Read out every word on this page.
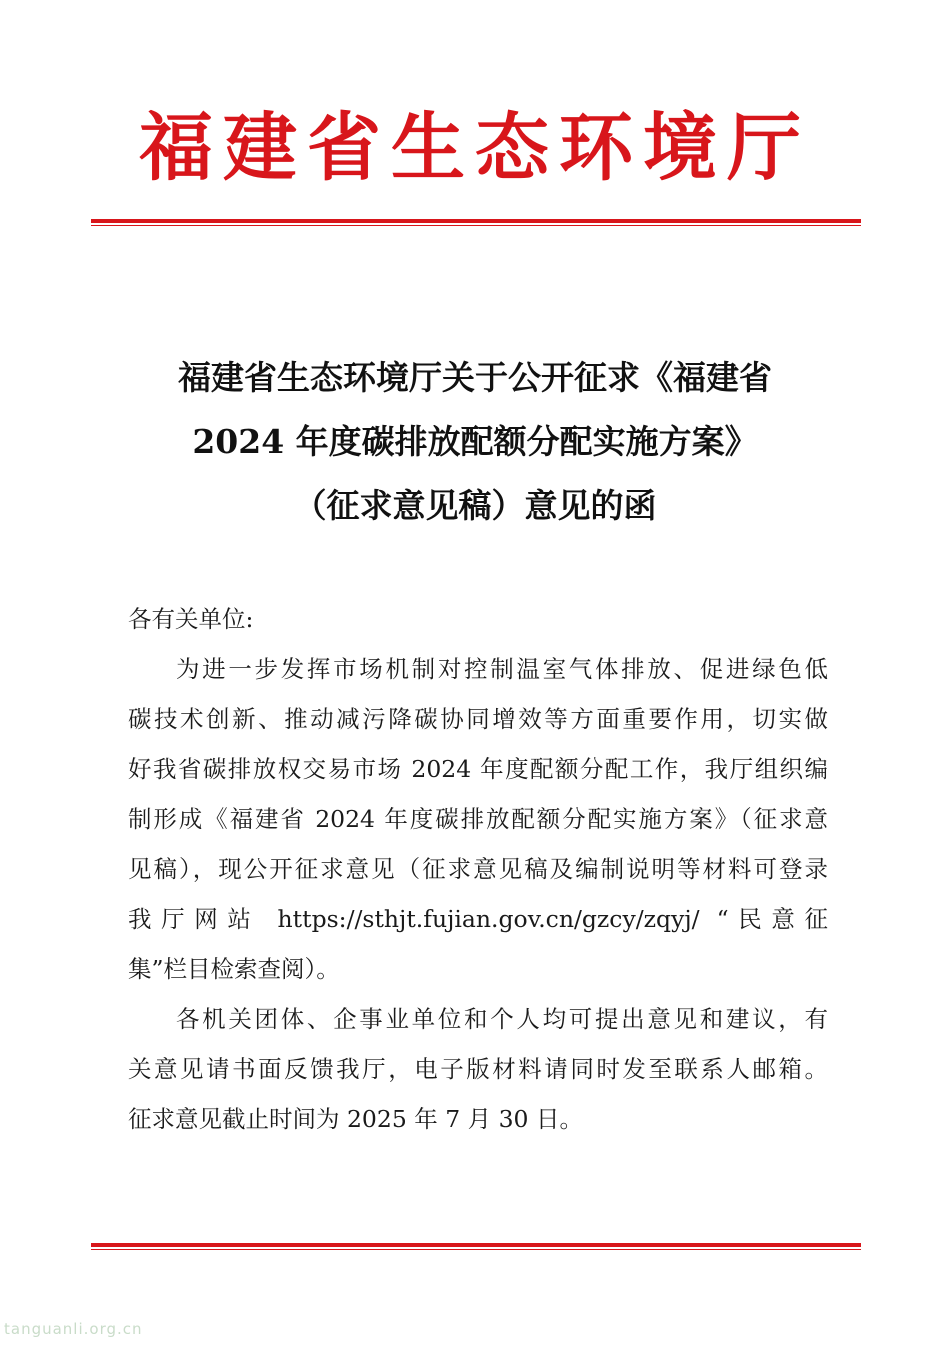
福建省生态环境厅
福建省生态环境厅关于公开征求《福建省
2024 年度碳排放配额分配实施方案》
（征求意见稿）意见的函
各有关单位:
为进一步发挥市场机制对控制温室气体排放、促进绿色低
碳技术创新、推动减污降碳协同增效等方面重要作用，切实做
好我省碳排放权交易市场 2024 年度配额分配工作，我厅组织编
制形成《福建省 2024 年度碳排放配额分配实施方案》（征求意
见稿），现公开征求意见（征求意见稿及编制说明等材料可登录
我厅网站 https://sthjt.fujian.gov.cn/gzcy/zqyj/ “民意征
集”栏目检索查阅）。
各机关团体、企事业单位和个人均可提出意见和建议，有
关意见请书面反馈我厅，电子版材料请同时发至联系人邮箱。
征求意见截止时间为 2025 年 7 月 30 日。
tanguanli.org.cn
